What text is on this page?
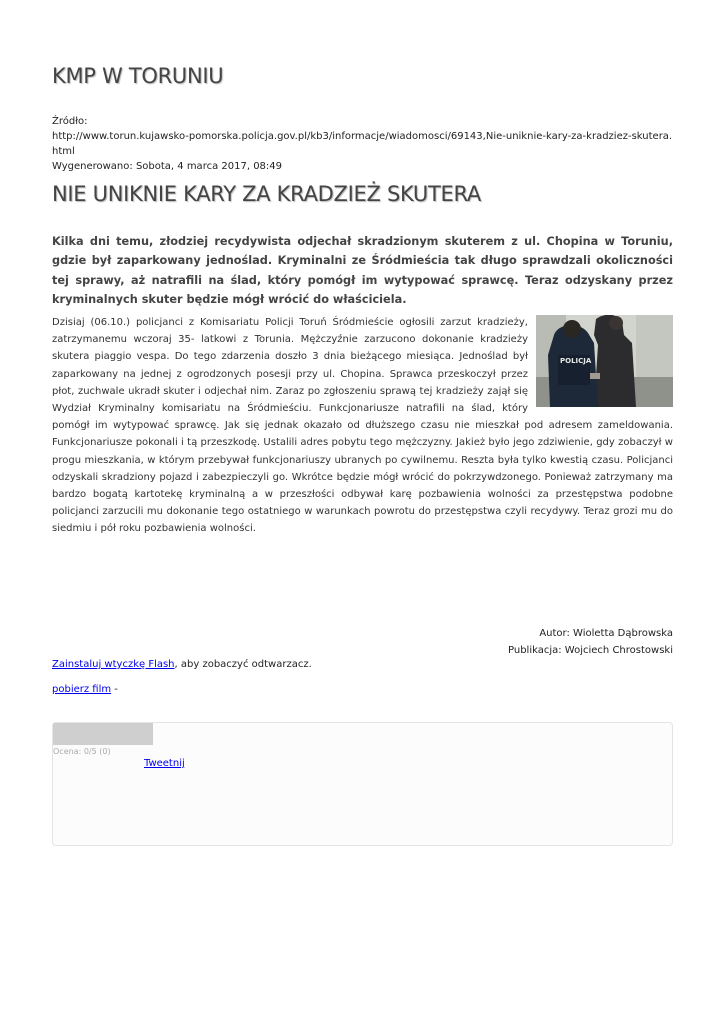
KMP W TORUNIU
Źródło:
http://www.torun.kujawsko-pomorska.policja.gov.pl/kb3/informacje/wiadomosci/69143,Nie-uniknie-kary-za-kradziez-skutera.html
Wygenerowano: Sobota, 4 marca 2017, 08:49
NIE UNIKNIE KARY ZA KRADZIEŻ SKUTERA

Kilka dni temu, złodziej recydywista odjechał skradzionym skuterem z ul. Chopina w Toruniu, gdzie był zaparkowany jednoślad. Kryminalni ze Śródmieścia tak długo sprawdzali okoliczności tej sprawy, aż natrafili na ślad, który pomógł im wytypować sprawcę. Teraz odzyskany przez kryminalnych skuter będzie mógł wrócić do właściciela.

POLICJA

Dzisiaj (06.10.) policjanci z Komisariatu Policji Toruń Śródmieście ogłosili zarzut kradzieży, zatrzymanemu wczoraj 35- latkowi z Torunia. Mężczyźnie zarzucono dokonanie kradzieży skutera piaggio vespa. Do tego zdarzenia doszło 3 dnia bieżącego miesiąca. Jednoślad był zaparkowany na jednej z ogrodzonych posesji przy ul. Chopina. Sprawca przeskoczył przez płot, zuchwale ukradł skuter i odjechał nim. Zaraz po zgłoszeniu sprawą tej kradzieży zajął się Wydział Kryminalny komisariatu na Śródmieściu. Funkcjonariusze natrafili na ślad, który pomógł im wytypować sprawcę. Jak się jednak okazało od dłuższego czasu nie mieszkał pod adresem zameldowania. Funkcjonariusze pokonali i tą przeszkodę. Ustalili adres pobytu tego mężczyzny. Jakież było jego zdziwienie, gdy zobaczył w progu mieszkania, w którym przebywał funkcjonariuszy ubranych po cywilnemu. Reszta była tylko kwestią czasu. Policjanci odzyskali skradziony pojazd i zabezpieczyli go. Wkrótce będzie mógł wrócić do pokrzywdzonego. Ponieważ zatrzymany ma bardzo bogatą kartotekę kryminalną a w przeszłości odbywał karę pozbawienia wolności za przestępstwa podobne policjanci zarzucili mu dokonanie tego ostatniego w warunkach powrotu do przestępstwa czyli recydywy. Teraz grozi mu do siedmiu i pół roku pozbawienia wolności.

Autor: Wioletta Dąbrowska
Publikacja: Wojciech Chrostowski
Zainstaluj wtyczkę Flash, aby zobaczyć odtwarzacz.
pobierz film -
Ocena: 0/5 (0)
Tweetnij
